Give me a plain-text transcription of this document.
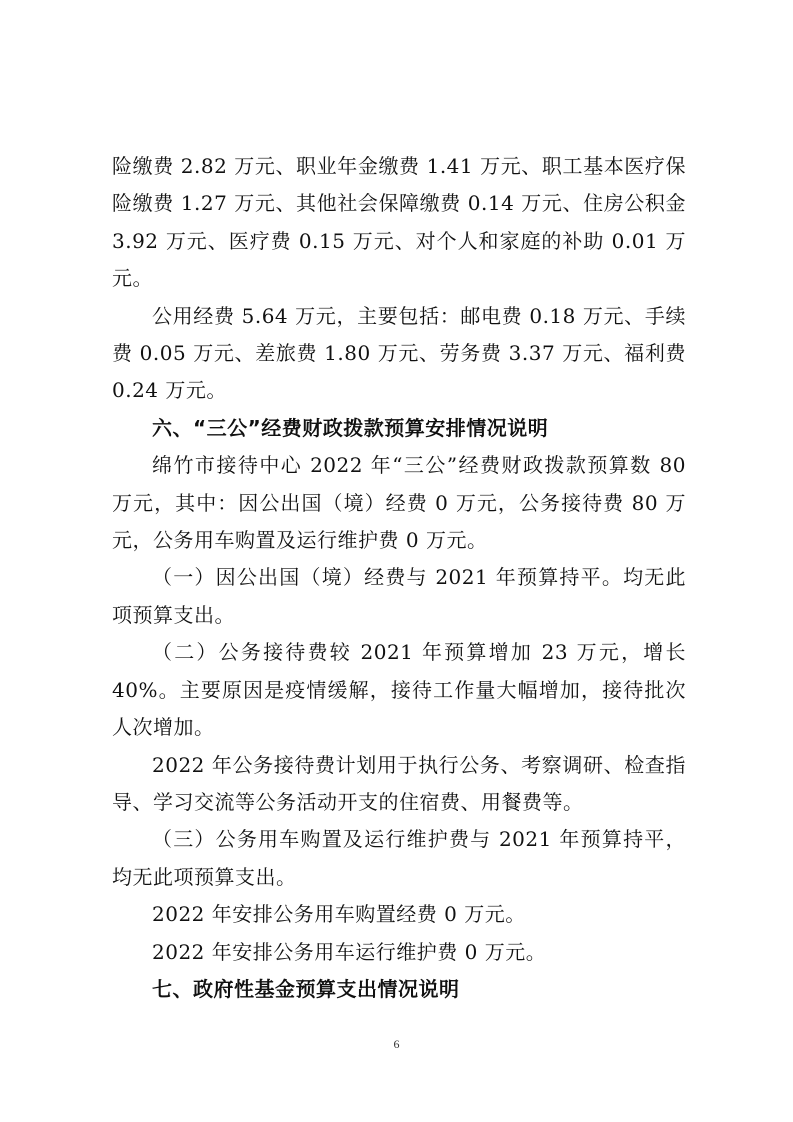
险缴费 2.82 万元、职业年金缴费 1.41 万元、职工基本医疗保险缴费 1.27 万元、其他社会保障缴费 0.14 万元、住房公积金 3.92 万元、医疗费 0.15 万元、对个人和家庭的补助 0.01 万元。

公用经费 5.64 万元，主要包括：邮电费 0.18 万元、手续费 0.05 万元、差旅费 1.80 万元、劳务费 3.37 万元、福利费 0.24 万元。

六、“三公”经费财政拨款预算安排情况说明

绵竹市接待中心 2022 年“三公”经费财政拨款预算数 80 万元，其中：因公出国（境）经费 0 万元，公务接待费 80 万元，公务用车购置及运行维护费 0 万元。

（一）因公出国（境）经费与 2021 年预算持平。均无此项预算支出。

（二）公务接待费较 2021 年预算增加 23 万元，增长 40%。主要原因是疫情缓解，接待工作量大幅增加，接待批次人次增加。

2022 年公务接待费计划用于执行公务、考察调研、检查指导、学习交流等公务活动开支的住宿费、用餐费等。

（三）公务用车购置及运行维护费与 2021 年预算持平，均无此项预算支出。

2022 年安排公务用车购置经费 0 万元。

2022 年安排公务用车运行维护费 0 万元。

七、政府性基金预算支出情况说明

6
